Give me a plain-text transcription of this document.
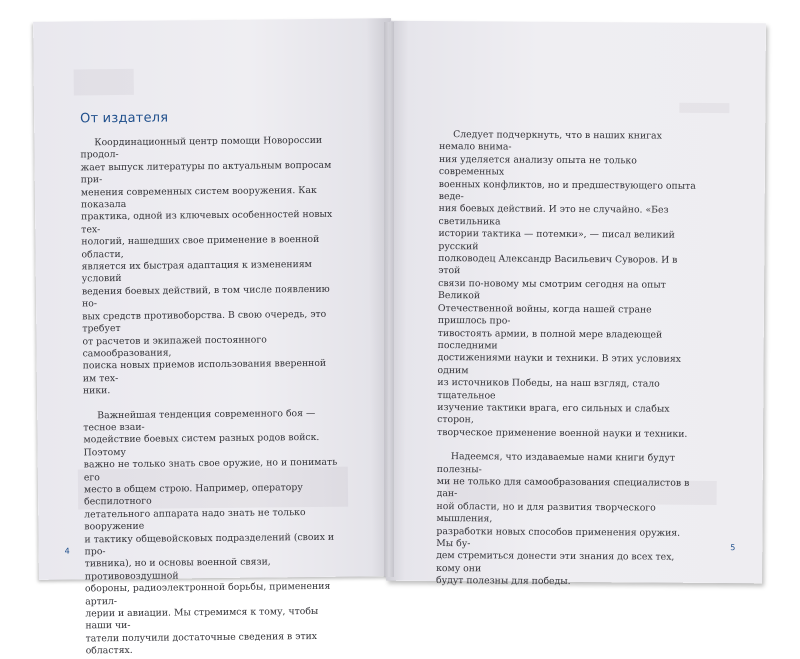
От издателя
Координационный центр помощи Новороссии продол-
жает выпуск литературы по актуальным вопросам при-
менения современных систем вооружения. Как показала
практика, одной из ключевых особенностей новых тех-
нологий, нашедших свое применение в военной области,
является их быстрая адаптация к изменениям условий
ведения боевых действий, в том числе появлению но-
вых средств противоборства. В свою очередь, это требует
от расчетов и экипажей постоянного самообразования,
поиска новых приемов использования вверенной им тех-
ники.
Важнейшая тенденция современного боя — тесное взаи-
модействие боевых систем разных родов войск. Поэтому
важно не только знать свое оружие, но и понимать его
место в общем строю. Например, оператору беспилотного
летательного аппарата надо знать не только вооружение
и тактику общевойсковых подразделений (своих и про-
тивника), но и основы военной связи, противовоздушной
обороны, радиоэлектронной борьбы, применения артил-
лерии и авиации. Мы стремимся к тому, чтобы наши чи-
татели получили достаточные сведения в этих областях.
4
Следует подчеркнуть, что в наших книгах немало внима-
ния уделяется анализу опыта не только современных
военных конфликтов, но и предшествующего опыта веде-
ния боевых действий. И это не случайно. «Без светильника
истории тактика — потемки», — писал великий русский
полководец Александр Васильевич Суворов. И в этой
связи по-новому мы смотрим сегодня на опыт Великой
Отечественной войны, когда нашей стране пришлось про-
тивостоять армии, в полной мере владеющей последними
достижениями науки и техники. В этих условиях одним
из источников Победы, на наш взгляд, стало тщательное
изучение тактики врага, его сильных и слабых сторон,
творческое применение военной науки и техники.
Надеемся, что издаваемые нами книги будут полезны-
ми не только для самообразования специалистов в дан-
ной области, но и для развития творческого мышления,
разработки новых способов применения оружия. Мы бу-
дем стремиться донести эти знания до всех тех, кому они
будут полезны для победы.
5
